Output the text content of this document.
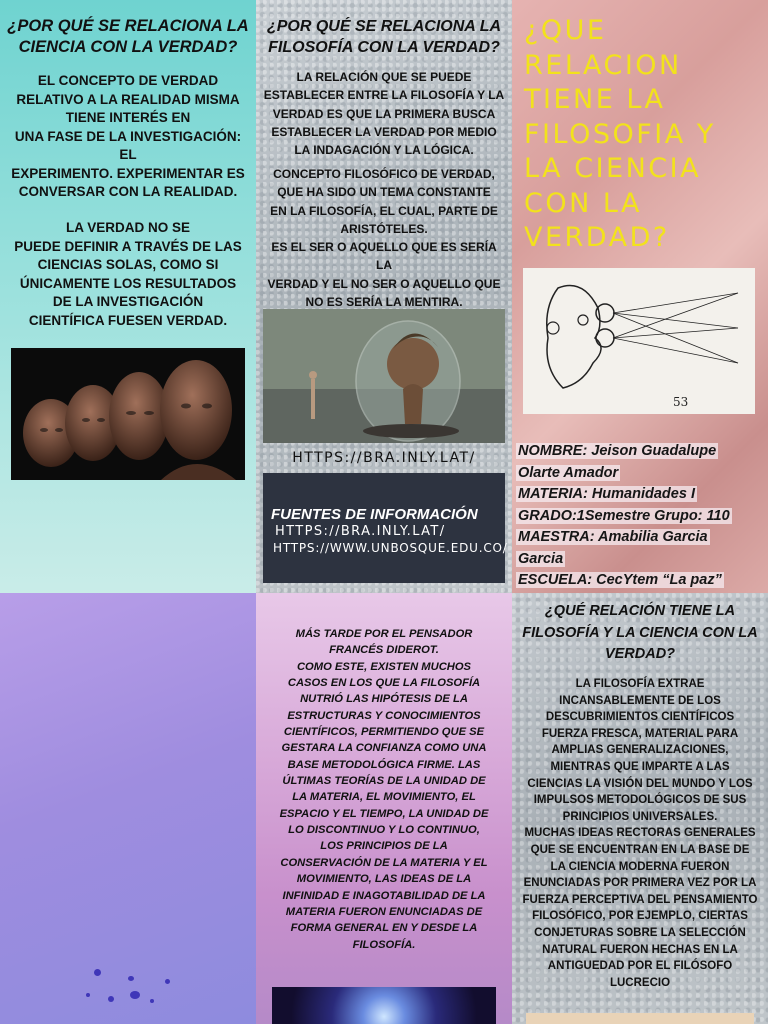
¿POR QUÉ SE RELACIONA LA CIENCIA CON LA VERDAD?
EL CONCEPTO DE VERDAD
RELATIVO A LA REALIDAD MISMA
TIENE INTERÉS EN
UNA FASE DE LA INVESTIGACIÓN:
EL
EXPERIMENTO. EXPERIMENTAR ES
CONVERSAR CON LA REALIDAD.
LA VERDAD NO SE
PUEDE DEFINIR A TRAVÉS DE LAS
CIENCIAS SOLAS, COMO SI
ÚNICAMENTE LOS RESULTADOS
DE LA INVESTIGACIÓN
CIENTÍFICA FUESEN VERDAD.
¿POR QUÉ SE RELACIONA LA FILOSOFÍA CON LA VERDAD?
LA RELACIÓN QUE SE PUEDE
ESTABLECER ENTRE LA FILOSOFÍA Y LA
VERDAD ES QUE LA PRIMERA BUSCA
ESTABLECER LA VERDAD POR MEDIO
LA INDAGACIÓN Y LA LÓGICA.
CONCEPTO FILOSÓFICO DE VERDAD,
QUE HA SIDO UN TEMA CONSTANTE
EN LA FILOSOFÍA, EL CUAL, PARTE DE
ARISTÓTELES.
ES EL SER O AQUELLO QUE ES SERÍA LA
VERDAD Y EL NO SER O AQUELLO QUE
NO ES SERÍA LA MENTIRA.
HTTPS://BRA.INLY.LAT/
FUENTES DE INFORMACIÓN
HTTPS://BRA.INLY.LAT/
HTTPS://WWW.UNBOSQUE.EDU.CO/
¿QUE RELACION TIENE LA FILOSOFIA Y LA CIENCIA CON LA VERDAD?
53
NOMBRE: Jeison Guadalupe
Olarte Amador
MATERIA: Humanidades I
GRADO:1Semestre Grupo: 110
MAESTRA: Amabilia Garcia
Garcia
ESCUELA: CecYtem “La paz”
MÁS TARDE POR EL PENSADOR
FRANCÉS DIDEROT.
COMO ESTE, EXISTEN MUCHOS
CASOS EN LOS QUE LA FILOSOFÍA
NUTRIÓ LAS HIPÓTESIS DE LA
ESTRUCTURAS Y CONOCIMIENTOS
CIENTÍFICOS, PERMITIENDO QUE SE
GESTARA LA CONFIANZA COMO UNA
BASE METODOLÓGICA FIRME. LAS
ÚLTIMAS TEORÍAS DE LA UNIDAD DE
LA MATERIA, EL MOVIMIENTO, EL
ESPACIO Y EL TIEMPO, LA UNIDAD DE
LO DISCONTINUO Y LO CONTINUO,
LOS PRINCIPIOS DE LA
CONSERVACIÓN DE LA MATERIA Y EL
MOVIMIENTO, LAS IDEAS DE LA
INFINIDAD E INAGOTABILIDAD DE LA
MATERIA FUERON ENUNCIADAS DE
FORMA GENERAL EN Y DESDE LA
FILOSOFÍA.
¿QUÉ RELACIÓN TIENE LA FILOSOFÍA Y LA CIENCIA CON LA VERDAD?
LA FILOSOFÍA EXTRAE
INCANSABLEMENTE DE LOS
DESCUBRIMIENTOS CIENTÍFICOS
FUERZA FRESCA, MATERIAL PARA
AMPLIAS GENERALIZACIONES,
MIENTRAS QUE IMPARTE A LAS
CIENCIAS LA VISIÓN DEL MUNDO Y LOS
IMPULSOS METODOLÓGICOS DE SUS
PRINCIPIOS UNIVERSALES.
MUCHAS IDEAS RECTORAS GENERALES
QUE SE ENCUENTRAN EN LA BASE DE
LA CIENCIA MODERNA FUERON
ENUNCIADAS POR PRIMERA VEZ POR LA
FUERZA PERCEPTIVA DEL PENSAMIENTO
FILOSÓFICO, POR EJEMPLO, CIERTAS
CONJETURAS SOBRE LA SELECCIÓN
NATURAL FUERON HECHAS EN LA
ANTIGUEDAD POR EL FILÓSOFO
LUCRECIO
